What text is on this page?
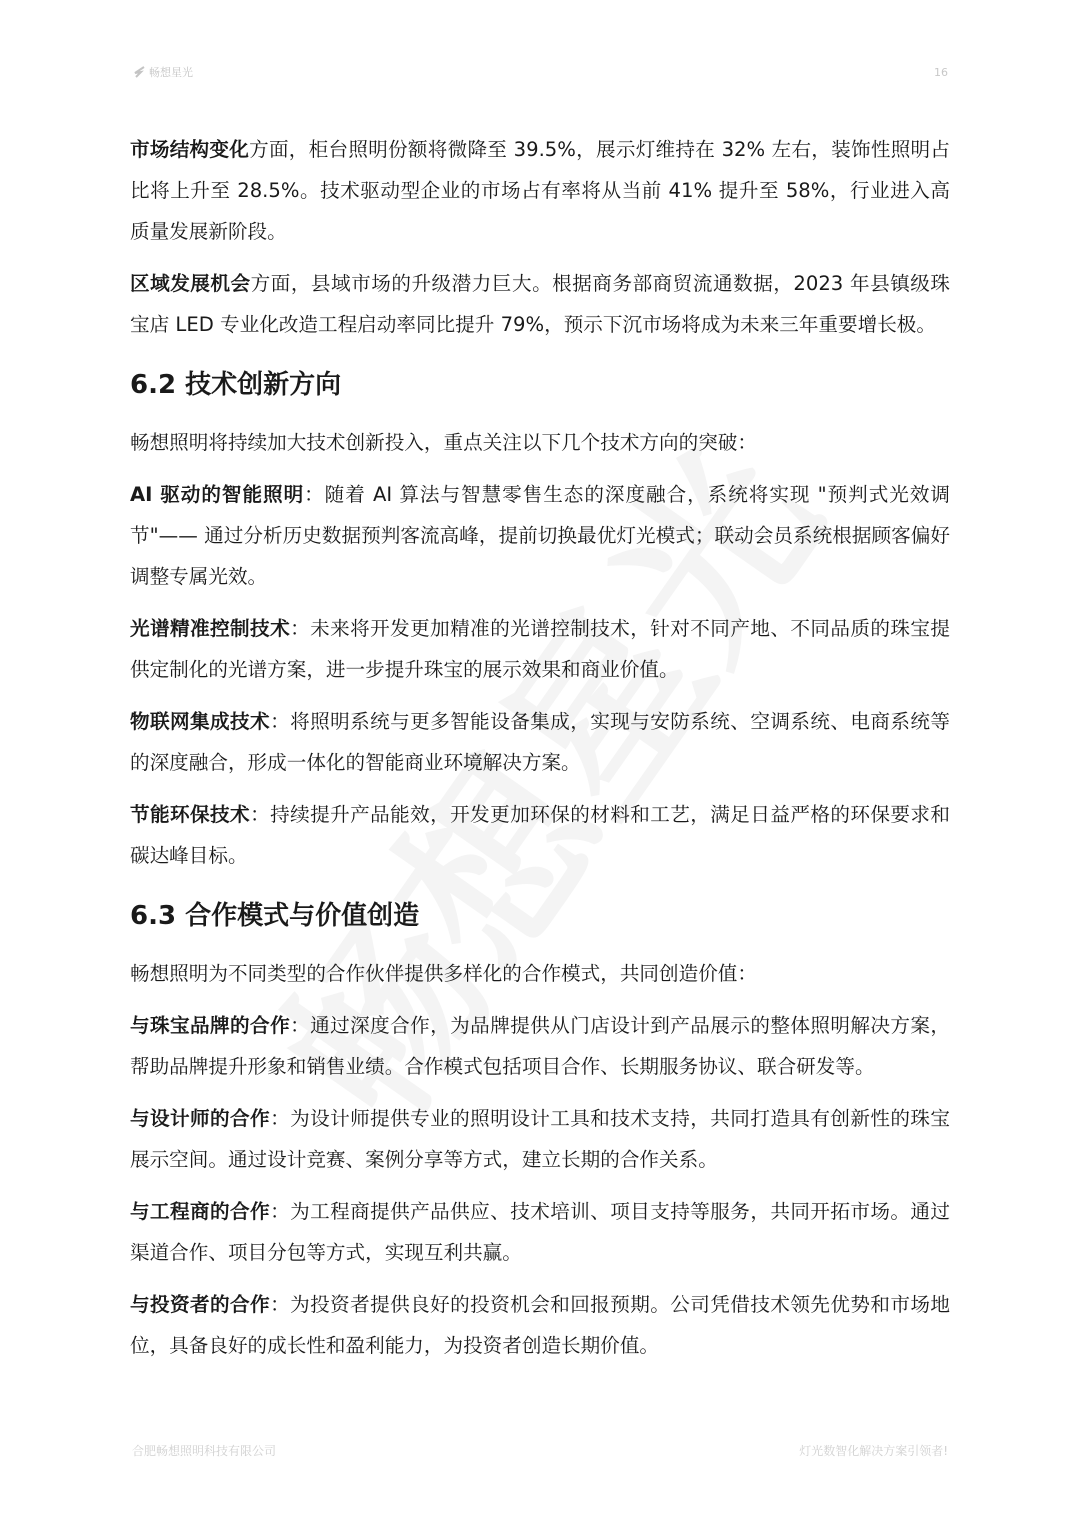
畅想星光	16

市场结构变化方面，柜台照明份额将微降至 39.5%，展示灯维持在 32% 左右，装饰性照明占比将上升至 28.5%。技术驱动型企业的市场占有率将从当前 41% 提升至 58%，行业进入高质量发展新阶段。

区域发展机会方面，县域市场的升级潜力巨大。根据商务部商贸流通数据，2023 年县镇级珠宝店 LED 专业化改造工程启动率同比提升 79%，预示下沉市场将成为未来三年重要增长极。

6.2 技术创新方向

畅想照明将持续加大技术创新投入，重点关注以下几个技术方向的突破：

AI 驱动的智能照明：随着 AI 算法与智慧零售生态的深度融合，系统将实现 "预判式光效调节"—— 通过分析历史数据预判客流高峰，提前切换最优灯光模式；联动会员系统根据顾客偏好调整专属光效。

光谱精准控制技术：未来将开发更加精准的光谱控制技术，针对不同产地、不同品质的珠宝提供定制化的光谱方案，进一步提升珠宝的展示效果和商业价值。

物联网集成技术：将照明系统与更多智能设备集成，实现与安防系统、空调系统、电商系统等的深度融合，形成一体化的智能商业环境解决方案。

节能环保技术：持续提升产品能效，开发更加环保的材料和工艺，满足日益严格的环保要求和碳达峰目标。

6.3 合作模式与价值创造

畅想照明为不同类型的合作伙伴提供多样化的合作模式，共同创造价值：

与珠宝品牌的合作：通过深度合作，为品牌提供从门店设计到产品展示的整体照明解决方案，帮助品牌提升形象和销售业绩。合作模式包括项目合作、长期服务协议、联合研发等。

与设计师的合作：为设计师提供专业的照明设计工具和技术支持，共同打造具有创新性的珠宝展示空间。通过设计竞赛、案例分享等方式，建立长期的合作关系。

与工程商的合作：为工程商提供产品供应、技术培训、项目支持等服务，共同开拓市场。通过渠道合作、项目分包等方式，实现互利共赢。

与投资者的合作：为投资者提供良好的投资机会和回报预期。公司凭借技术领先优势和市场地位，具备良好的成长性和盈利能力，为投资者创造长期价值。

合肥畅想照明科技有限公司	灯光数智化解决方案引领者!
